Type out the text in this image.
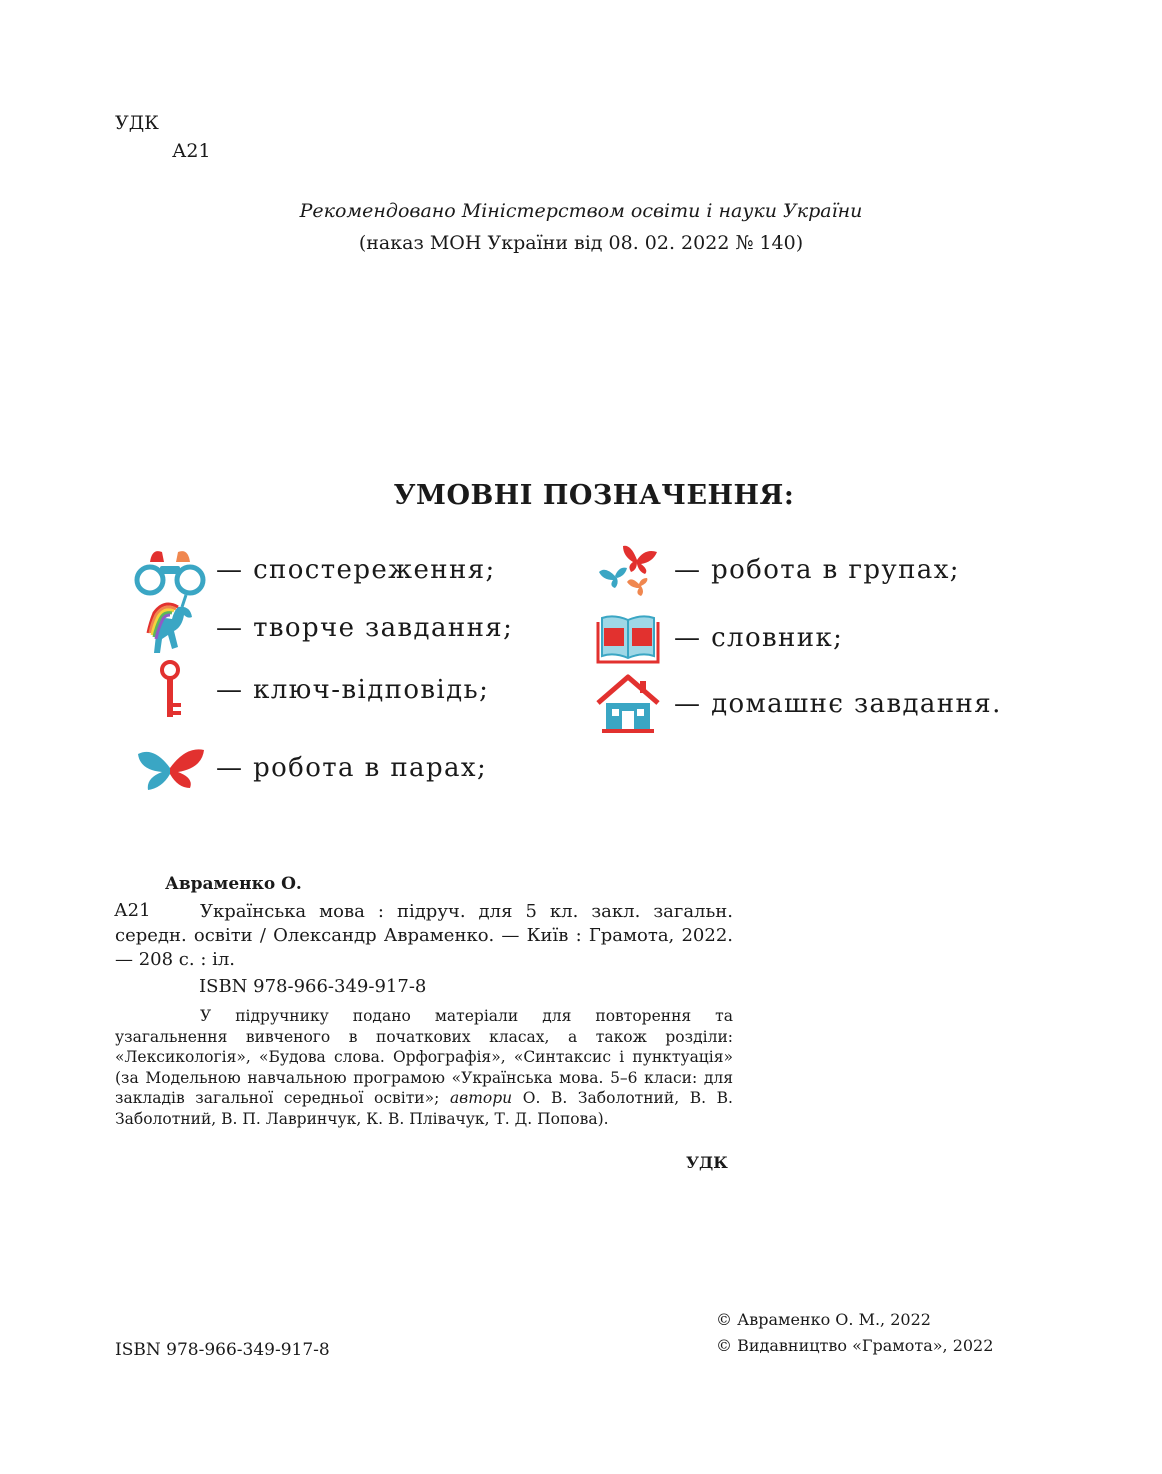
УДК
А21
Рекомендовано Міністерством освіти і науки України
(наказ МОН України від 08. 02. 2022 № 140)
УМОВНІ ПОЗНАЧЕННЯ:
— спостереження;
— творче завдання;
— ключ-відповідь;
— робота в парах;
— робота в групах;
— словник;
— домашнє завдання.
Авраменко О.
А21	Українська мова : підруч. для 5 кл. закл. загальн. середн. освіти / Олександр Авраменко. — Київ : Грамота, 2022. — 208 с. : іл.
ISBN 978-966-349-917-8
У підручнику подано матеріали для повторення та узагальнення вивченого в початкових класах, а також розділи: «Лексикологія», «Будова слова. Орфографія», «Синтаксис і пунктуація» (за Модельною навчальною програмою «Українська мова. 5–6 класи: для закладів загальної середньої освіти»; автори О. В. Заболотний, В. В. Заболотний, В. П. Лавринчук, К. В. Плівачук, Т. Д. Попова).
УДК
ISBN 978-966-349-917-8
© Авраменко О. М., 2022
© Видавництво «Грамота», 2022
